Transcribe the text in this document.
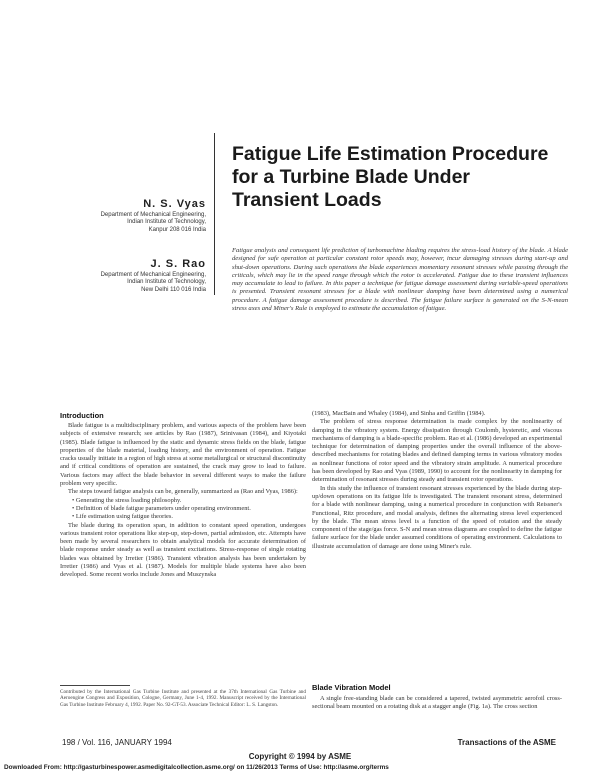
Fatigue Life Estimation Procedure
for a Turbine Blade Under
Transient Loads
N. S. Vyas
Department of Mechanical Engineering,
Indian Institute of Technology,
Kanpur 208 016 India
J. S. Rao
Department of Mechanical Engineering,
Indian Institute of Technology,
New Delhi 110 016 India
Fatigue analysis and consequent life prediction of turbomachine blading requires the stress-load history of the blade. A blade designed for safe operation at particular constant rotor speeds may, however, incur damaging stresses during start-up and shut-down operations. During such operations the blade experiences momentary resonant stresses while passing through the criticals, which may lie in the speed range through which the rotor is accelerated. Fatigue due to these transient influences may accumulate to lead to failure. In this paper a technique for fatigue damage assessment during variable-speed operations is presented. Transient resonant stresses for a blade with nonlinear damping have been determined using a numerical procedure. A fatigue damage assessment procedure is described. The fatigue failure surface is generated on the S-N-mean stress axes and Miner's Rule is employed to estimate the accumulation of fatigue.
Introduction

Blade fatigue is a multidisciplinary problem, and various aspects of the problem have been subjects of extensive research; see articles by Rao (1987), Srinivasan (1984), and Kiyotaki (1985). Blade fatigue is influenced by the static and dynamic stress fields on the blade, fatigue properties of the blade material, loading history, and the environment of operation. Fatigue cracks usually initiate in a region of high stress at some metallurgical or structural discontinuity and if critical conditions of operation are sustained, the crack may grow to lead to failure. Various factors may affect the blade behavior in several different ways to make the failure problem very specific.

The steps toward fatigue analysis can be, generally, summarized as (Rao and Vyas, 1986):

• Generating the stress loading philosophy.

• Definition of blade fatigue parameters under operating environment.

• Life estimation using fatigue theories.

The blade during its operation span, in addition to constant speed operation, undergoes various transient rotor operations like step-up, step-down, partial admission, etc. Attempts have been made by several researchers to obtain analytical models for accurate determination of blade response under steady as well as transient excitations. Stress-response of single rotating blades was obtained by Irretier (1986). Transient vibration analysis has been undertaken by Irretier (1986) and Vyas et al. (1987). Models for multiple blade systems have also been developed. Some recent works include Jones and Muszynska

(1983), MacBain and Whaley (1984), and Sinha and Griffin (1984).

The problem of stress response determination is made complex by the nonlinearity of damping in the vibratory system. Energy dissipation through Coulomb, hysteretic, and viscous mechanisms of damping is a blade-specific problem. Rao et al. (1986) developed an experimental technique for determination of damping properties under the overall influence of the above-described mechanisms for rotating blades and defined damping terms in various vibratory modes as nonlinear functions of rotor speed and the vibratory strain amplitude. A numerical procedure has been developed by Rao and Vyas (1989, 1990) to account for the nonlinearity in damping for determination of resonant stresses during steady and transient rotor operations.

In this study the influence of transient resonant stresses experienced by the blade during step-up/down operations on its fatigue life is investigated. The transient resonant stress, determined for a blade with nonlinear damping, using a numerical procedure in conjunction with Reissner's Functional, Ritz procedure, and modal analysis, defines the alternating stress level experienced by the blade. The mean stress level is a function of the speed of rotation and the steady component of the stage/gas force. S-N and mean stress diagrams are coupled to define the fatigue failure surface for the blade under assumed conditions of operating environment. Calculations to illustrate accumulation of damage are done using Miner's rule.

Blade Vibration Model

A single free-standing blade can be considered a tapered, twisted asymmetric aerofoil cross-sectional beam mounted on a rotating disk at a stagger angle (Fig. 1a). The cross section

Contributed by the International Gas Turbine Institute and presented at the 37th International Gas Turbine and Aeroengine Congress and Exposition, Cologne, Germany, June 1-4, 1992. Manuscript received by the International Gas Turbine Institute February 4, 1992. Paper No. 92-GT-53. Associate Technical Editor: L. S. Langston.
198 / Vol. 116, JANUARY 1994	Transactions of the ASME
Copyright © 1994 by ASME
Downloaded From: http://gasturbinespower.asmedigitalcollection.asme.org/ on 11/26/2013 Terms of Use: http://asme.org/terms
